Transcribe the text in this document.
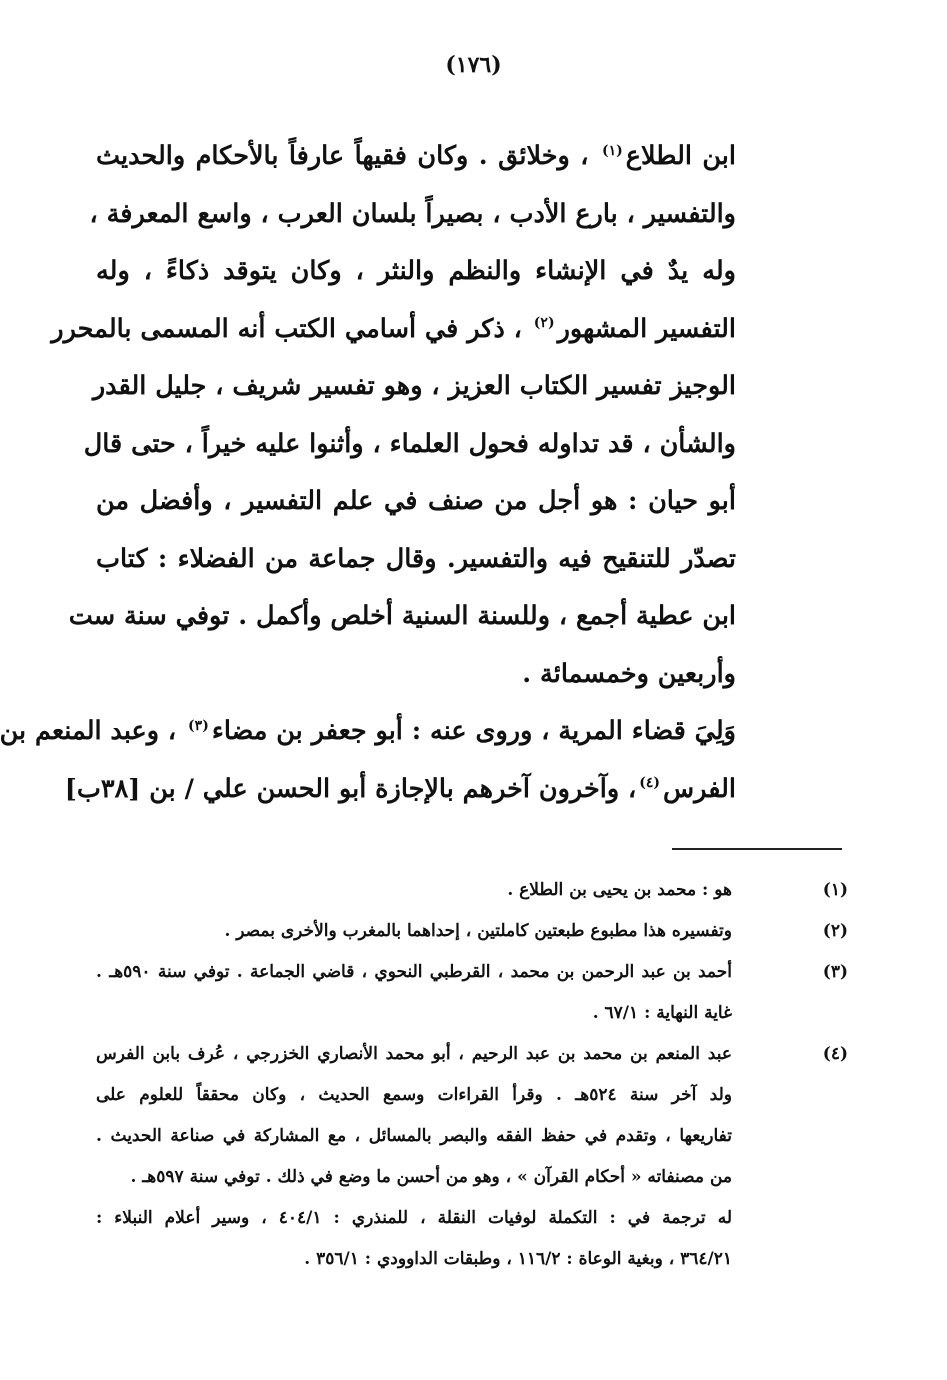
(١٧٦)
ابن الطلاع$^{(١)}$ ، وخلائق . وكان فقيهاً عارفاً بالأحكام والحديث
والتفسير ، بارع الأدب ، بصيراً بلسان العرب ، واسع المعرفة ،
وله يدٌ في الإنشاء والنظم والنثر ، وكان يتوقد ذكاءً ، وله
التفسير المشهور$^{(٢)}$ ، ذكر في أسامي الكتب أنه المسمى بالمحرر
الوجيز تفسير الكتاب العزيز ، وهو تفسير شريف ، جليل القدر
والشأن ، قد تداوله فحول العلماء ، وأثنوا عليه خيراً ، حتى قال
أبو حيان : هو أجل من صنف في علم التفسير ، وأفضل من
تصدّر للتنقيح فيه والتفسير. وقال جماعة من الفضلاء : كتاب
ابن عطية أجمع ، وللسنة السنية أخلص وأكمل . توفي سنة ست
وأربعين وخمسمائة .
وَلِيَ قضاء المرية ، وروى عنه : أبو جعفر بن مضاء$^{(٣)}$ ، وعبد المنعم بن
الفرس$^{(٤)}$، وآخرون آخرهم بالإجازة أبو الحسن علي / بن [٣٨ب]
(١)
هو : محمد بن يحيى بن الطلاع .
(٢)
وتفسيره هذا مطبوع طبعتين كاملتين ، إحداهما بالمغرب والأخرى بمصر .
(٣)
أحمد بن عبد الرحمن بن محمد ، القرطبي النحوي ، قاضي الجماعة . توفي سنة ٥٩٠هـ .
غاية النهاية : ٦٧/١ .
(٤)
عبد المنعم بن محمد بن عبد الرحيم ، أبو محمد الأنصاري الخزرجي ، عُرف بابن الفرس
ولد آخر سنة ٥٢٤هـ . وقرأ القراءات وسمع الحديث ، وكان محققاً للعلوم على
تفاريعها ، وتقدم في حفظ الفقه والبصر بالمسائل ، مع المشاركة في صناعة الحديث .
من مصنفاته « أحكام القرآن » ، وهو من أحسن ما وضع في ذلك . توفي سنة ٥٩٧هـ .
له ترجمة في : التكملة لوفيات النقلة ، للمنذري : ٤٠٤/١ ، وسير أعلام النبلاء :
٣٦٤/٢١ ، وبغية الوعاة : ١١٦/٢ ، وطبقات الداوودي : ٣٥٦/١ .
